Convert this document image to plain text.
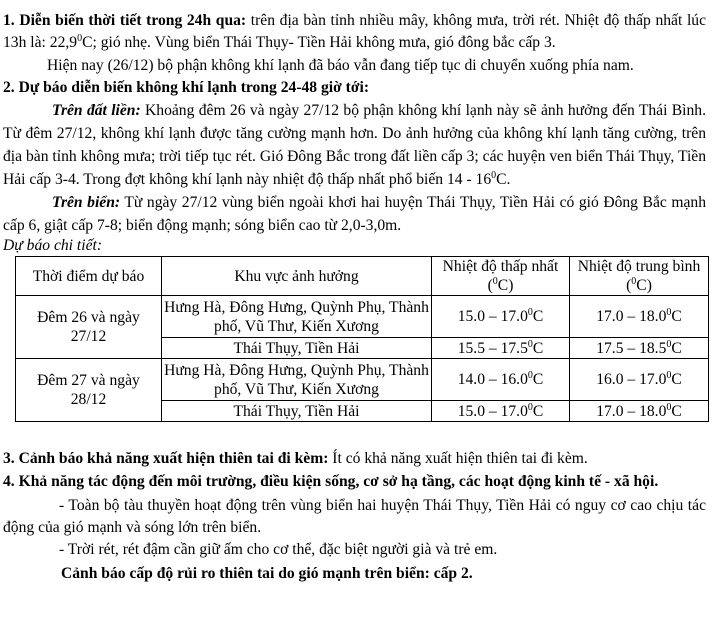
1. Diễn biến thời tiết trong 24h qua: trên địa bàn tỉnh nhiều mây, không mưa, trời rét. Nhiệt độ thấp nhất lúc 13h là: 22,9$^0$C; gió nhẹ. Vùng biển Thái Thụy- Tiền Hải không mưa, gió đông bắc cấp 3.

Hiện nay (26/12) bộ phận không khí lạnh đã báo vẫn đang tiếp tục di chuyển xuống phía nam.

2. Dự báo diễn biến không khí lạnh trong 24-48 giờ tới:

Trên đất liền: Khoảng đêm 26 và ngày 27/12 bộ phận không khí lạnh này sẽ ảnh hưởng đến Thái Bình. Từ đêm 27/12, không khí lạnh được tăng cường mạnh hơn. Do ảnh hưởng của không khí lạnh tăng cường, trên địa bàn tỉnh không mưa; trời tiếp tục rét. Gió Đông Bắc trong đất liền cấp 3; các huyện ven biển Thái Thụy, Tiền Hải cấp 3-4. Trong đợt không khí lạnh này nhiệt độ thấp nhất phổ biến $14 - 16^0C$.

Trên biển: Từ ngày 27/12 vùng biển ngoài khơi hai huyện Thái Thụy, Tiền Hải có gió Đông Bắc mạnh cấp 6, giật cấp 7-8; biển động mạnh; sóng biển cao từ 2,0-3,0m.

Dự báo chi tiết:

Thời điểm dự báo	Khu vực ảnh hưởng	Nhiệt độ thấp nhất ($^0$C)	Nhiệt độ trung bình ($^0$C)
Đêm 26 và ngày 27/12	Hưng Hà, Đông Hưng, Quỳnh Phụ, Thành phố, Vũ Thư, Kiến Xương	15.0 – 17.0$^0$C	17.0 – 18.0$^0$C
	Thái Thụy, Tiền Hải	15.5 – 17.5$^0$C	17.5 – 18.5$^0$C
Đêm 27 và ngày 28/12	Hưng Hà, Đông Hưng, Quỳnh Phụ, Thành phố, Vũ Thư, Kiến Xương	14.0 – 16.0$^0$C	16.0 – 17.0$^0$C
	Thái Thụy, Tiền Hải	15.0 – 17.0$^0$C	17.0 – 18.0$^0$C

3. Cảnh báo khả năng xuất hiện thiên tai đi kèm: Ít có khả năng xuất hiện thiên tai đi kèm.

4. Khả năng tác động đến môi trường, điều kiện sống, cơ sở hạ tầng, các hoạt động kinh tế - xã hội.

- Toàn bộ tàu thuyền hoạt động trên vùng biển hai huyện Thái Thụy, Tiền Hải có nguy cơ cao chịu tác động của gió mạnh và sóng lớn trên biển.

- Trời rét, rét đậm cần giữ ấm cho cơ thể, đặc biệt người già và trẻ em.

Cảnh báo cấp độ rủi ro thiên tai do gió mạnh trên biển: cấp 2.
